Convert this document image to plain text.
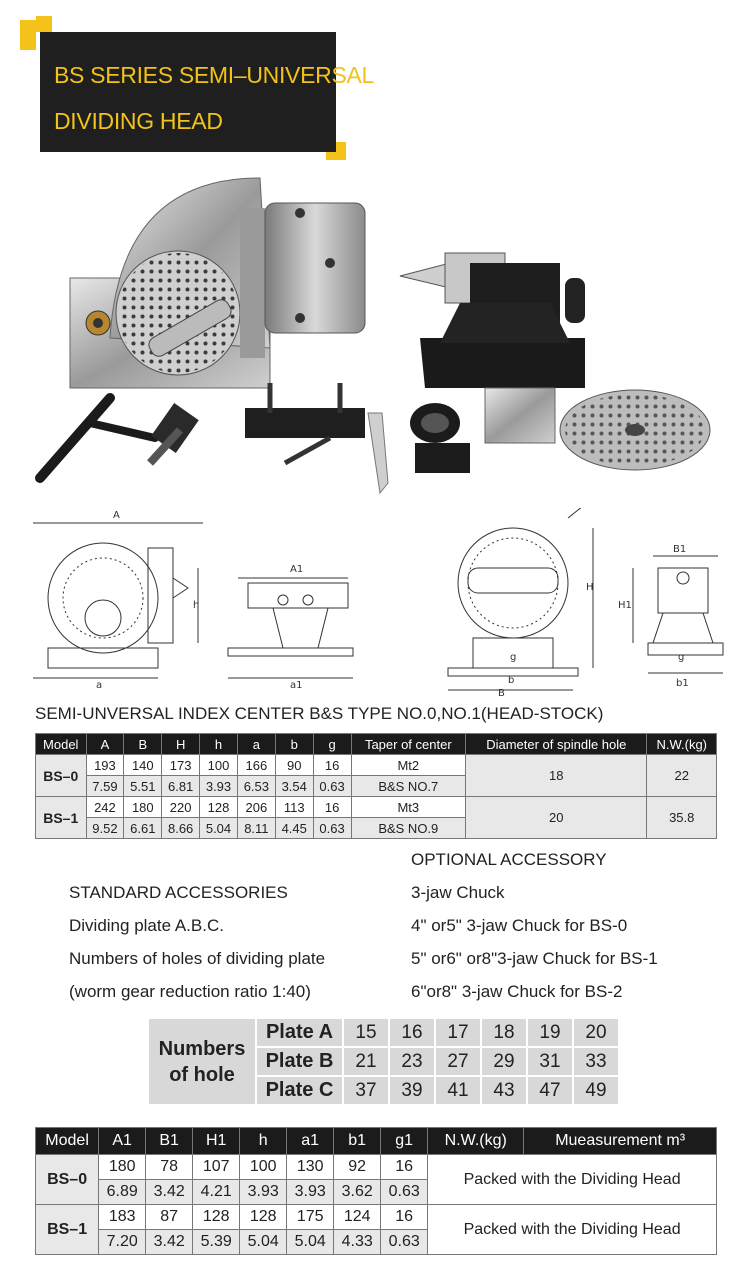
BS SERIES SEMI–UNIVERSAL
DIVIDING HEAD
A
a
h
A1
a1
H
B
b
g
B1
H1
b1
g
SEMI-UNVERSAL INDEX CENTER B&S TYPE NO.0,NO.1(HEAD-STOCK)
Model	A	B	H	h	a	b	g	Taper of center	Diameter of spindle hole	N.W.(kg)
BS–0	193	140	173	100	166	90	16	Mt2	18	22
	7.59	5.51	6.81	3.93	6.53	3.54	0.63	B&S NO.7		
BS–1	242	180	220	128	206	113	16	Mt3	20	35.8
	9.52	6.61	8.66	5.04	8.11	4.45	0.63	B&S NO.9		
OPTIONAL ACCESSORY
STANDARD ACCESSORIES	3-jaw Chuck
Dividing plate A.B.C.	4" or5" 3-jaw Chuck for BS-0
Numbers of holes of dividing plate	5" or6" or8"3-jaw Chuck for BS-1
(worm gear reduction ratio 1:40)	6"or8" 3-jaw Chuck for BS-2
Numbers
of hole	Plate A	15	16	17	18	19	20
	Plate B	21	23	27	29	31	33
	Plate C	37	39	41	43	47	49
Model	A1	B1	H1	h	a1	b1	g1	N.W.(kg)	Mueasurement m³
BS–0	180	78	107	100	130	92	16	Packed with the Dividing Head	
	6.89	3.42	4.21	3.93	3.93	3.62	0.63		
BS–1	183	87	128	128	175	124	16	Packed with the Dividing Head	
	7.20	3.42	5.39	5.04	5.04	4.33	0.63		
